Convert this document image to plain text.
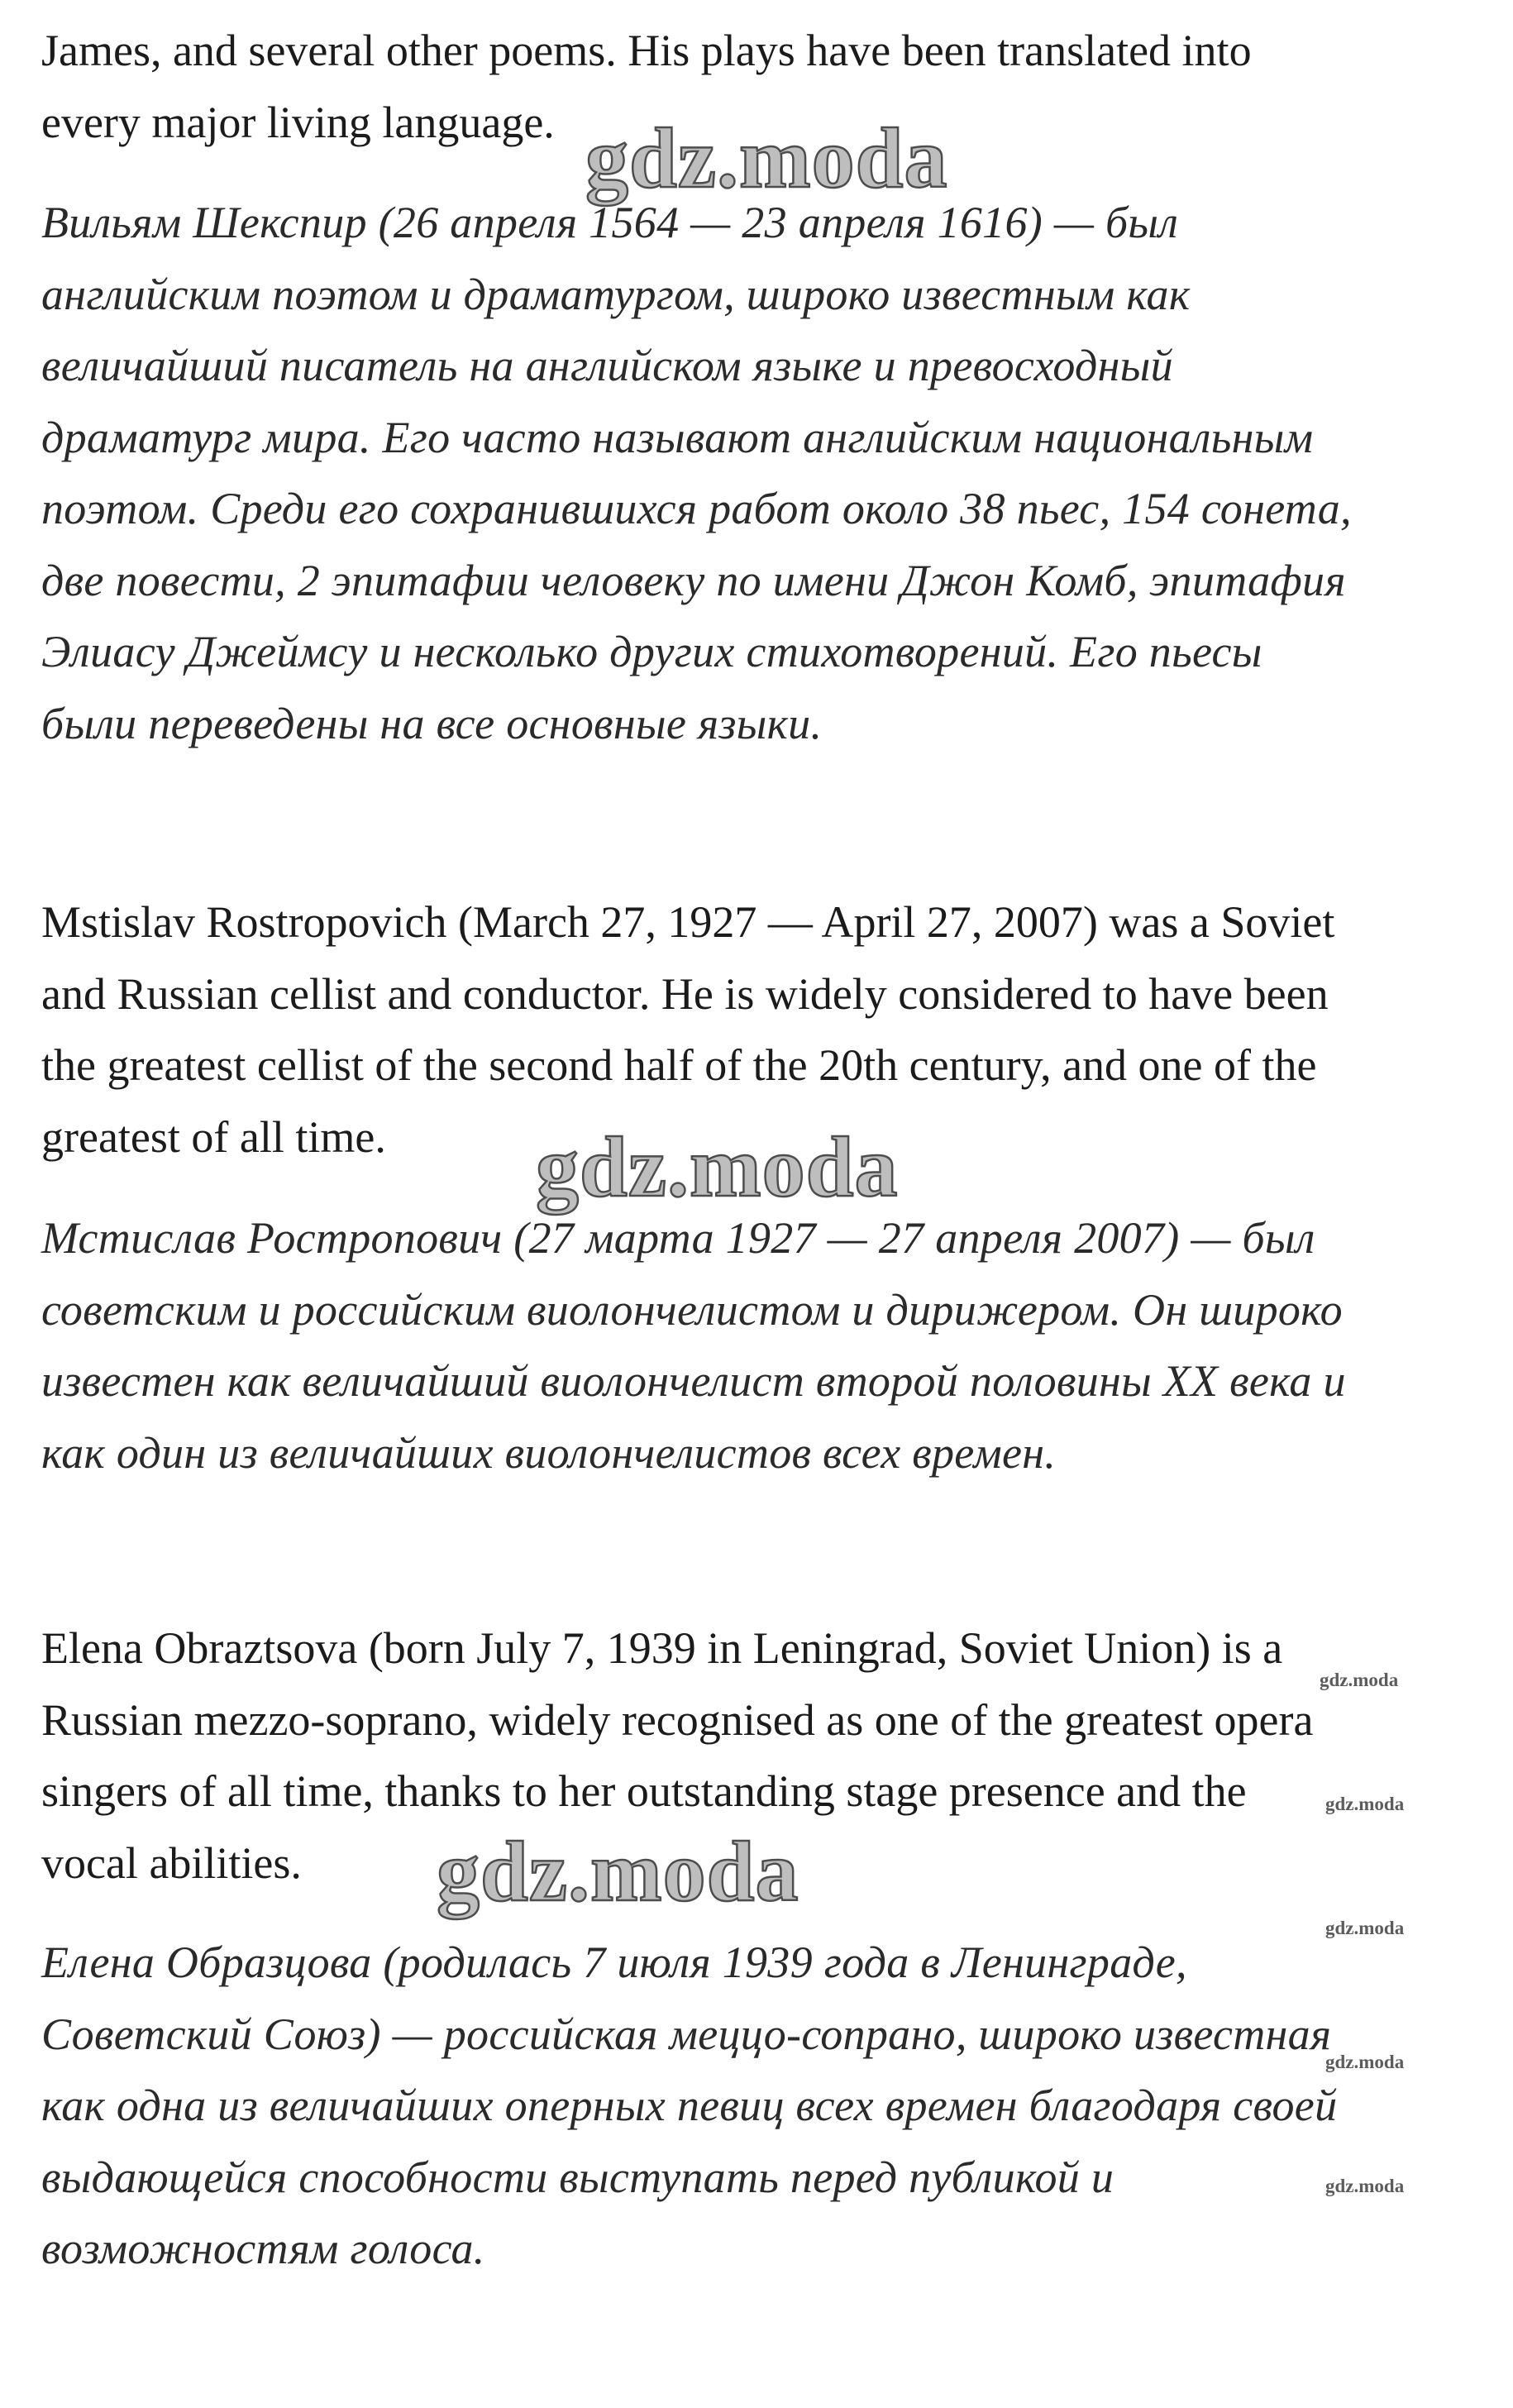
James, and several other poems. His plays have been translated into
every major living language.

Вильям Шекспир (26 апреля 1564 — 23 апреля 1616) — был
английским поэтом и драматургом, широко известным как
величайший писатель на английском языке и превосходный
драматург мира. Его часто называют английским национальным
поэтом. Среди его сохранившихся работ около 38 пьес, 154 сонета,
две повести, 2 эпитафии человеку по имени Джон Комб, эпитафия
Элиасу Джеймсу и несколько других стихотворений. Его пьесы
были переведены на все основные языки.

Mstislav Rostropovich (March 27, 1927 — April 27, 2007) was a Soviet
and Russian cellist and conductor. He is widely considered to have been
the greatest cellist of the second half of the 20th century, and one of the
greatest of all time.

Мстислав Ростропович (27 марта 1927 — 27 апреля 2007) — был
советским и российским виолончелистом и дирижером. Он широко
известен как величайший виолончелист второй половины XX века и
как один из величайших виолончелистов всех времен.

Elena Obraztsova (born July 7, 1939 in Leningrad, Soviet Union) is a
Russian mezzo-soprano, widely recognised as one of the greatest opera
singers of all time, thanks to her outstanding stage presence and the
vocal abilities.

Елена Образцова (родилась 7 июля 1939 года в Ленинграде,
Советский Союз) — российская меццо-сопрано, широко известная
как одна из величайших оперных певиц всех времен благодаря своей
выдающейся способности выступать перед публикой и
возможностям голоса.

gdz.moda
gdz.moda
gdz.moda
gdz.moda
gdz.moda
gdz.moda
gdz.moda
gdz.moda
